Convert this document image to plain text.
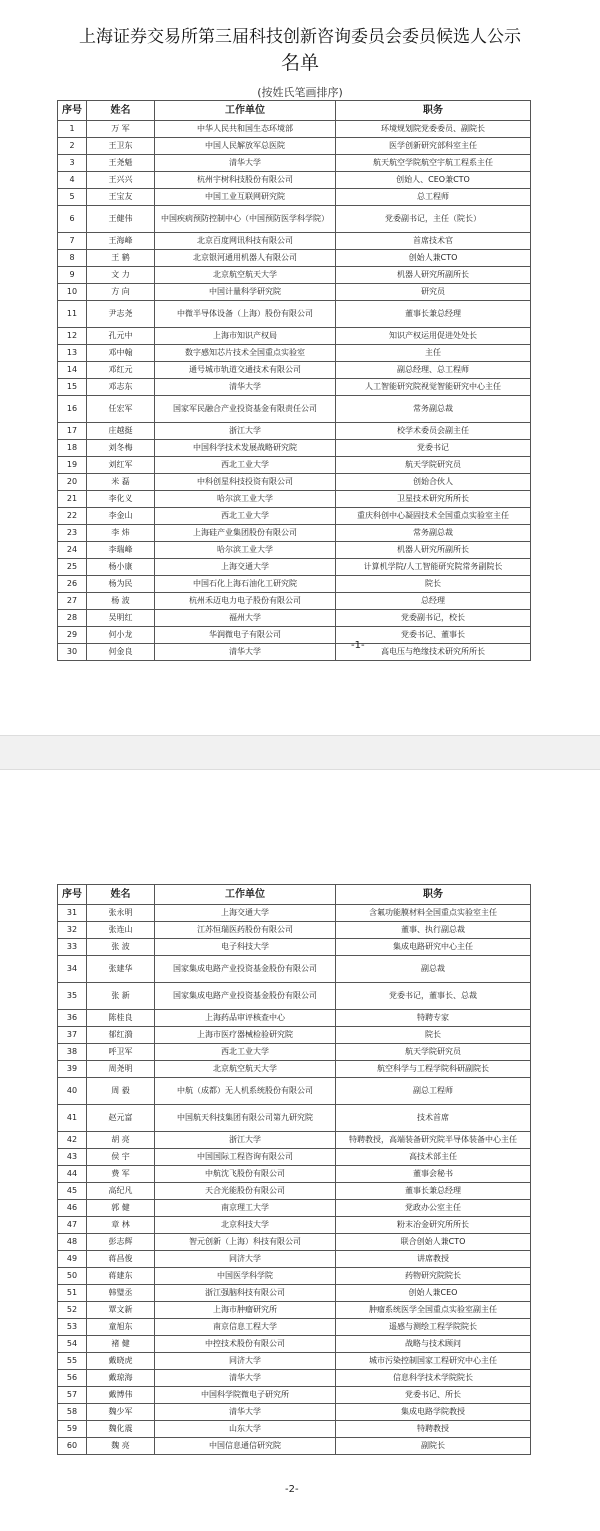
上海证券交易所第三届科技创新咨询委员会委员候选人公示
名单
(按姓氏笔画排序)
序号	姓名	工作单位	职务
1	万 军	中华人民共和国生态环境部	环境规划院党委委员、副院长
2	王卫东	中国人民解放军总医院	医学创新研究部科室主任
3	王尧魁	清华大学	航天航空学院航空宇航工程系主任
4	王兴兴	杭州宇树科技股份有限公司	创始人、CEO兼CTO
5	王宝友	中国工业互联网研究院	总工程师
6	王健伟	中国疾病预防控制中心（中国预防医学科学院）	党委副书记，主任（院长）
7	王海峰	北京百度网讯科技有限公司	首席技术官
8	王 鹤	北京银河通用机器人有限公司	创始人兼CTO
9	文 力	北京航空航天大学	机器人研究所副所长
10	方 向	中国计量科学研究院	研究员
11	尹志尧	中微半导体设备（上海）股份有限公司	董事长兼总经理
12	孔元中	上海市知识产权局	知识产权运用促进处处长
13	邓中翰	数字感知芯片技术全国重点实验室	主任
14	邓红元	通号城市轨道交通技术有限公司	副总经理、总工程师
15	邓志东	清华大学	人工智能研究院视觉智能研究中心主任
16	任宏军	国家军民融合产业投资基金有限责任公司	常务副总裁
17	庄越挺	浙江大学	校学术委员会副主任
18	刘冬梅	中国科学技术发展战略研究院	党委书记
19	刘红军	西北工业大学	航天学院研究员
20	米 磊	中科创星科技投资有限公司	创始合伙人
21	李化义	哈尔滨工业大学	卫星技术研究所所长
22	李金山	西北工业大学	重庆科创中心凝固技术全国重点实验室主任
23	李 炜	上海硅产业集团股份有限公司	常务副总裁
24	李瑞峰	哈尔滨工业大学	机器人研究所副所长
25	杨小康	上海交通大学	计算机学院/人工智能研究院常务副院长
26	杨为民	中国石化上海石油化工研究院	院长
27	杨 波	杭州禾迈电力电子股份有限公司	总经理
28	吴明红	福州大学	党委副书记，校长
29	何小龙	华润微电子有限公司	党委书记、董事长
30	何金良	清华大学	高电压与绝缘技术研究所所长
-1-
序号	姓名	工作单位	职务
31	张永明	上海交通大学	含氟功能膜材料全国重点实验室主任
32	张连山	江苏恒瑞医药股份有限公司	董事、执行副总裁
33	张 波	电子科技大学	集成电路研究中心主任
34	张建华	国家集成电路产业投资基金股份有限公司	副总裁
35	张 新	国家集成电路产业投资基金股份有限公司	党委书记，董事长、总裁
36	陈桂良	上海药品审评核查中心	特聘专家
37	郁红漪	上海市医疗器械检验研究院	院长
38	呼卫军	西北工业大学	航天学院研究员
39	周尧明	北京航空航天大学	航空科学与工程学院科研副院长
40	周 毅	中航（成都）无人机系统股份有限公司	副总工程师
41	赵元富	中国航天科技集团有限公司第九研究院	技术首席
42	胡 亮	浙江大学	特聘教授，高端装备研究院半导体装备中心主任
43	侯 宇	中国国际工程咨询有限公司	高技术部主任
44	费 军	中航沈飞股份有限公司	董事会秘书
45	高纪凡	天合光能股份有限公司	董事长兼总经理
46	郭 健	南京理工大学	党政办公室主任
47	章 林	北京科技大学	粉末冶金研究所所长
48	彭志辉	智元创新（上海）科技有限公司	联合创始人兼CTO
49	蒋昌俊	同济大学	讲席教授
50	蒋建东	中国医学科学院	药物研究院院长
51	韩璧丞	浙江强脑科技有限公司	创始人兼CEO
52	覃文新	上海市肿瘤研究所	肿瘤系统医学全国重点实验室副主任
53	童旭东	南京信息工程大学	遥感与测绘工程学院院长
54	褚 健	中控技术股份有限公司	战略与技术顾问
55	戴晓虎	同济大学	城市污染控制国家工程研究中心主任
56	戴琼海	清华大学	信息科学技术学院院长
57	戴博伟	中国科学院微电子研究所	党委书记、所长
58	魏少军	清华大学	集成电路学院教授
59	魏化震	山东大学	特聘教授
60	魏 亮	中国信息通信研究院	副院长
-2-
